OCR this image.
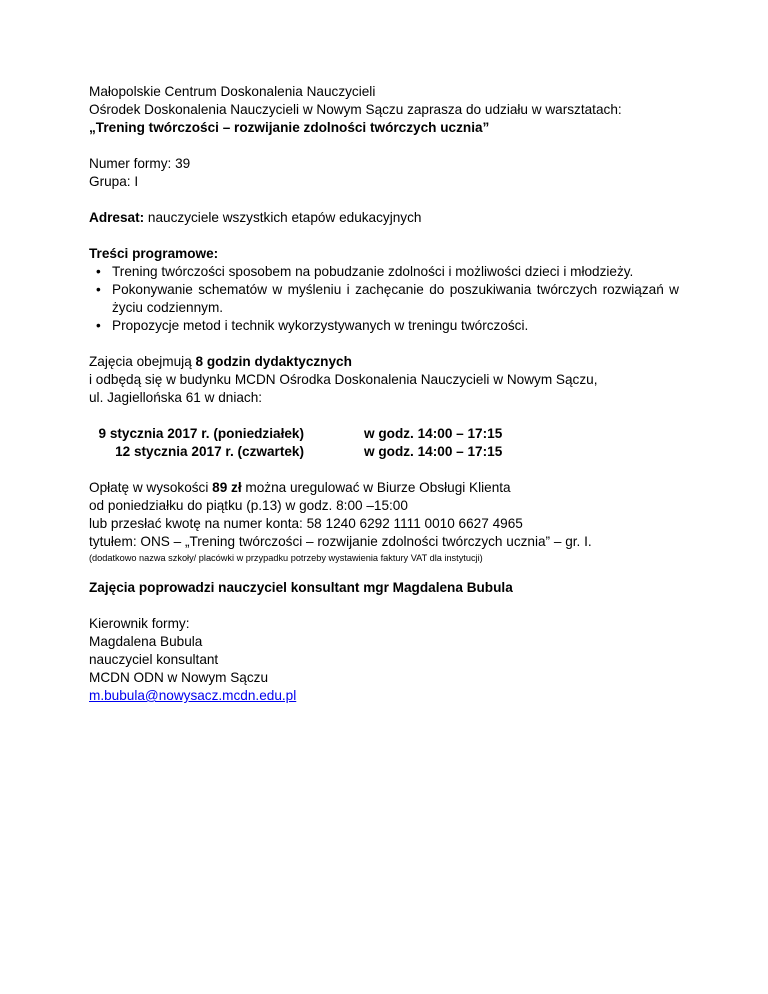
Małopolskie Centrum Doskonalenia Nauczycieli

Ośrodek Doskonalenia Nauczycieli w Nowym Sączu zaprasza do udziału w warsztatach:

„Trening twórczości – rozwijanie zdolności twórczych ucznia”

Numer formy: 39

Grupa: I

Adresat: nauczyciele wszystkich etapów edukacyjnych

Treści programowe:

• Trening twórczości sposobem na pobudzanie zdolności i możliwości dzieci i młodzieży.
• Pokonywanie schematów w myśleniu i zachęcanie do poszukiwania twórczych rozwiązań w życiu codziennym.
• Propozycje metod i technik wykorzystywanych w treningu twórczości.

Zajęcia obejmują 8 godzin dydaktycznych

i odbędą się w budynku MCDN Ośrodka Doskonalenia Nauczycieli w Nowym Sączu,

ul. Jagiellońska 61 w dniach:

9 stycznia 2017 r. (poniedziałek)	w godz. 14:00 – 17:15
12 stycznia 2017 r. (czwartek)	w godz. 14:00 – 17:15

Opłatę w wysokości 89 zł można uregulować w Biurze Obsługi Klienta

od poniedziałku do piątku (p.13) w godz. 8:00 –15:00

lub przesłać kwotę na numer konta: 58 1240 6292 1111 0010 6627 4965

tytułem: ONS – „Trening twórczości – rozwijanie zdolności twórczych ucznia” – gr. I.

(dodatkowo nazwa szkoły/ placówki w przypadku potrzeby wystawienia faktury VAT dla instytucji)

Zajęcia poprowadzi nauczyciel konsultant mgr Magdalena Bubula

Kierownik formy:

Magdalena Bubula

nauczyciel konsultant

MCDN ODN w Nowym Sączu

m.bubula@nowysacz.mcdn.edu.pl
